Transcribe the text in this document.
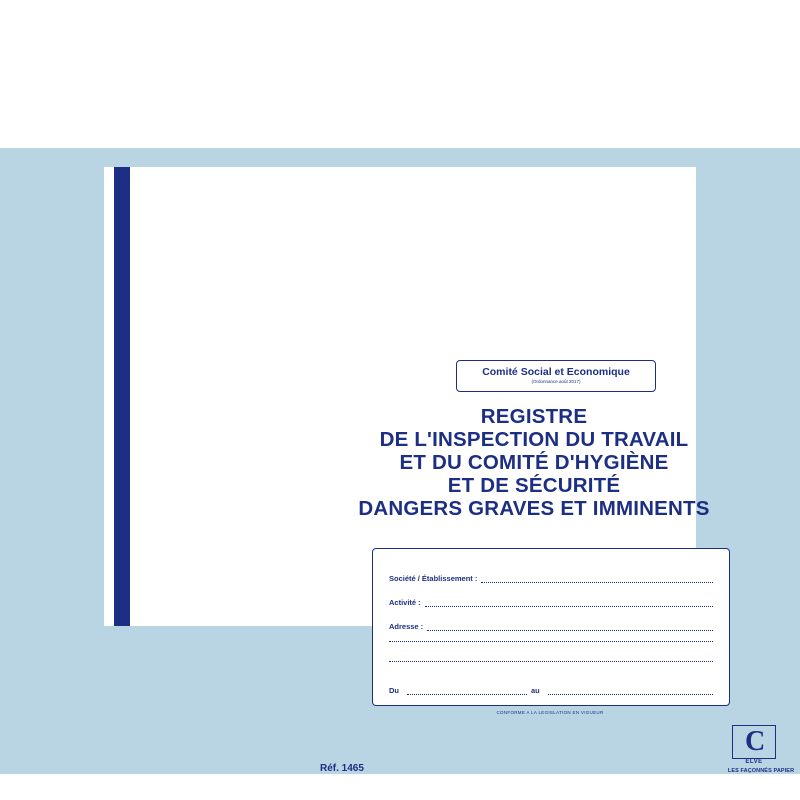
Comité Social et Economique
(Ordonnance août 2017)
REGISTRE
DE L'INSPECTION DU TRAVAIL
ET DU COMITÉ D'HYGIÈNE
ET DE SÉCURITÉ
DANGERS GRAVES ET IMMINENTS
Société / Établissement :
Activité :
Adresse :
Du	au
CONFORME A LA LEGISLATION EN VIGUEUR
Réf. 1465
C
ELVE
LES FAÇONNÉS PAPIER
